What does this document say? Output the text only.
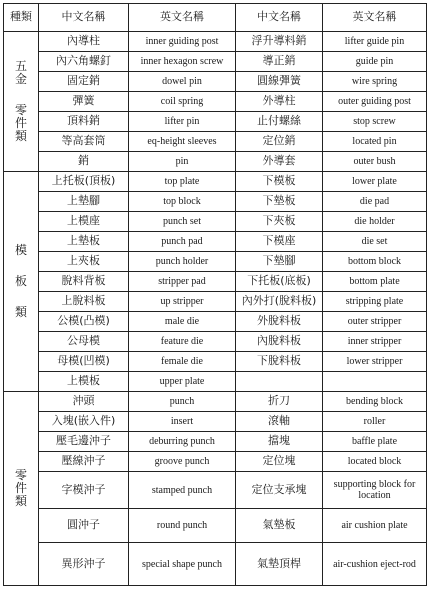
種類	中文名稱	英文名稱	中文名稱	英文名稱

五
金
零
件
類	內導柱	inner guiding post	浮升導料銷	lifter guide pin
	內六角螺釘	inner hexagon screw	導正銷	guide pin
	固定銷	dowel pin	圓線彈簧	wire spring
	彈簧	coil spring	外導柱	outer guiding post
	頂料銷	lifter pin	止付螺絲	stop screw
	等高套筒	eq-height sleeves	定位銷	located pin
	銷	pin	外導套	outer bush

模
板
類	上托板(頂板)	top plate	下模板	lower plate
	上墊腳	top block	下墊板	die pad
	上模座	punch set	下夾板	die holder
	上墊板	punch pad	下模座	die set
	上夾板	punch holder	下墊腳	bottom block
	脫料背板	stripper pad	下托板(底板)	bottom plate
	上脫料板	up stripper	內外打(脫料板)	stripping plate
	公模(凸模)	male die	外脫料板	outer stripper
	公母模	feature die	內脫料板	inner stripper
	母模(凹模)	female die	下脫料板	lower stripper
	上模板	upper plate		

零
件
類	沖頭	punch	折刀	bending block
	入塊(嵌入件)	insert	滾軸	roller
	壓毛邊沖子	deburring punch	擋塊	baffle plate
	壓線沖子	groove punch	定位塊	located block
	字模沖子	stamped punch	定位支承塊	supporting block for location
	圓沖子	round punch	氣墊板	air cushion plate
	異形沖子	special shape punch	氣墊頂桿	air-cushion eject-rod
